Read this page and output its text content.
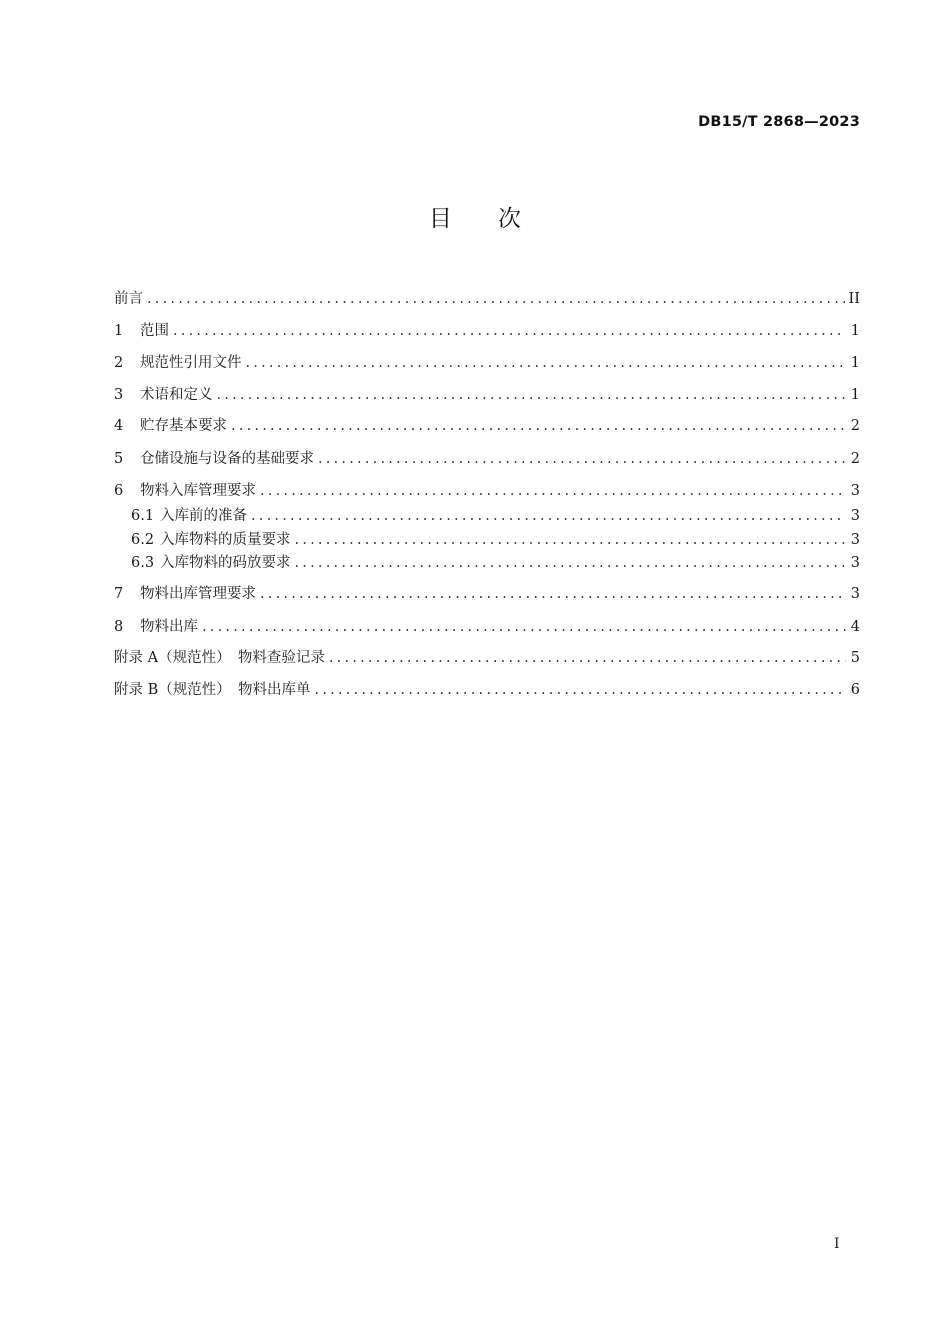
DB15/T 2868—2023
目 次
前言 .....	II
1	范围 .....	1
2	规范性引用文件 .....	1
3	术语和定义 .....	1
4	贮存基本要求 .....	2
5	仓储设施与设备的基础要求 .....	2
6	物料入库管理要求 .....	3
6.1 入库前的准备 .....	3
6.2 入库物料的质量要求 .....	3
6.3 入库物料的码放要求 .....	3
7	物料出库管理要求 .....	3
8	物料出库 .....	4
附录 A（规范性）　物料查验记录 .....	5
附录 B（规范性）　物料出库单 .....	6
I
